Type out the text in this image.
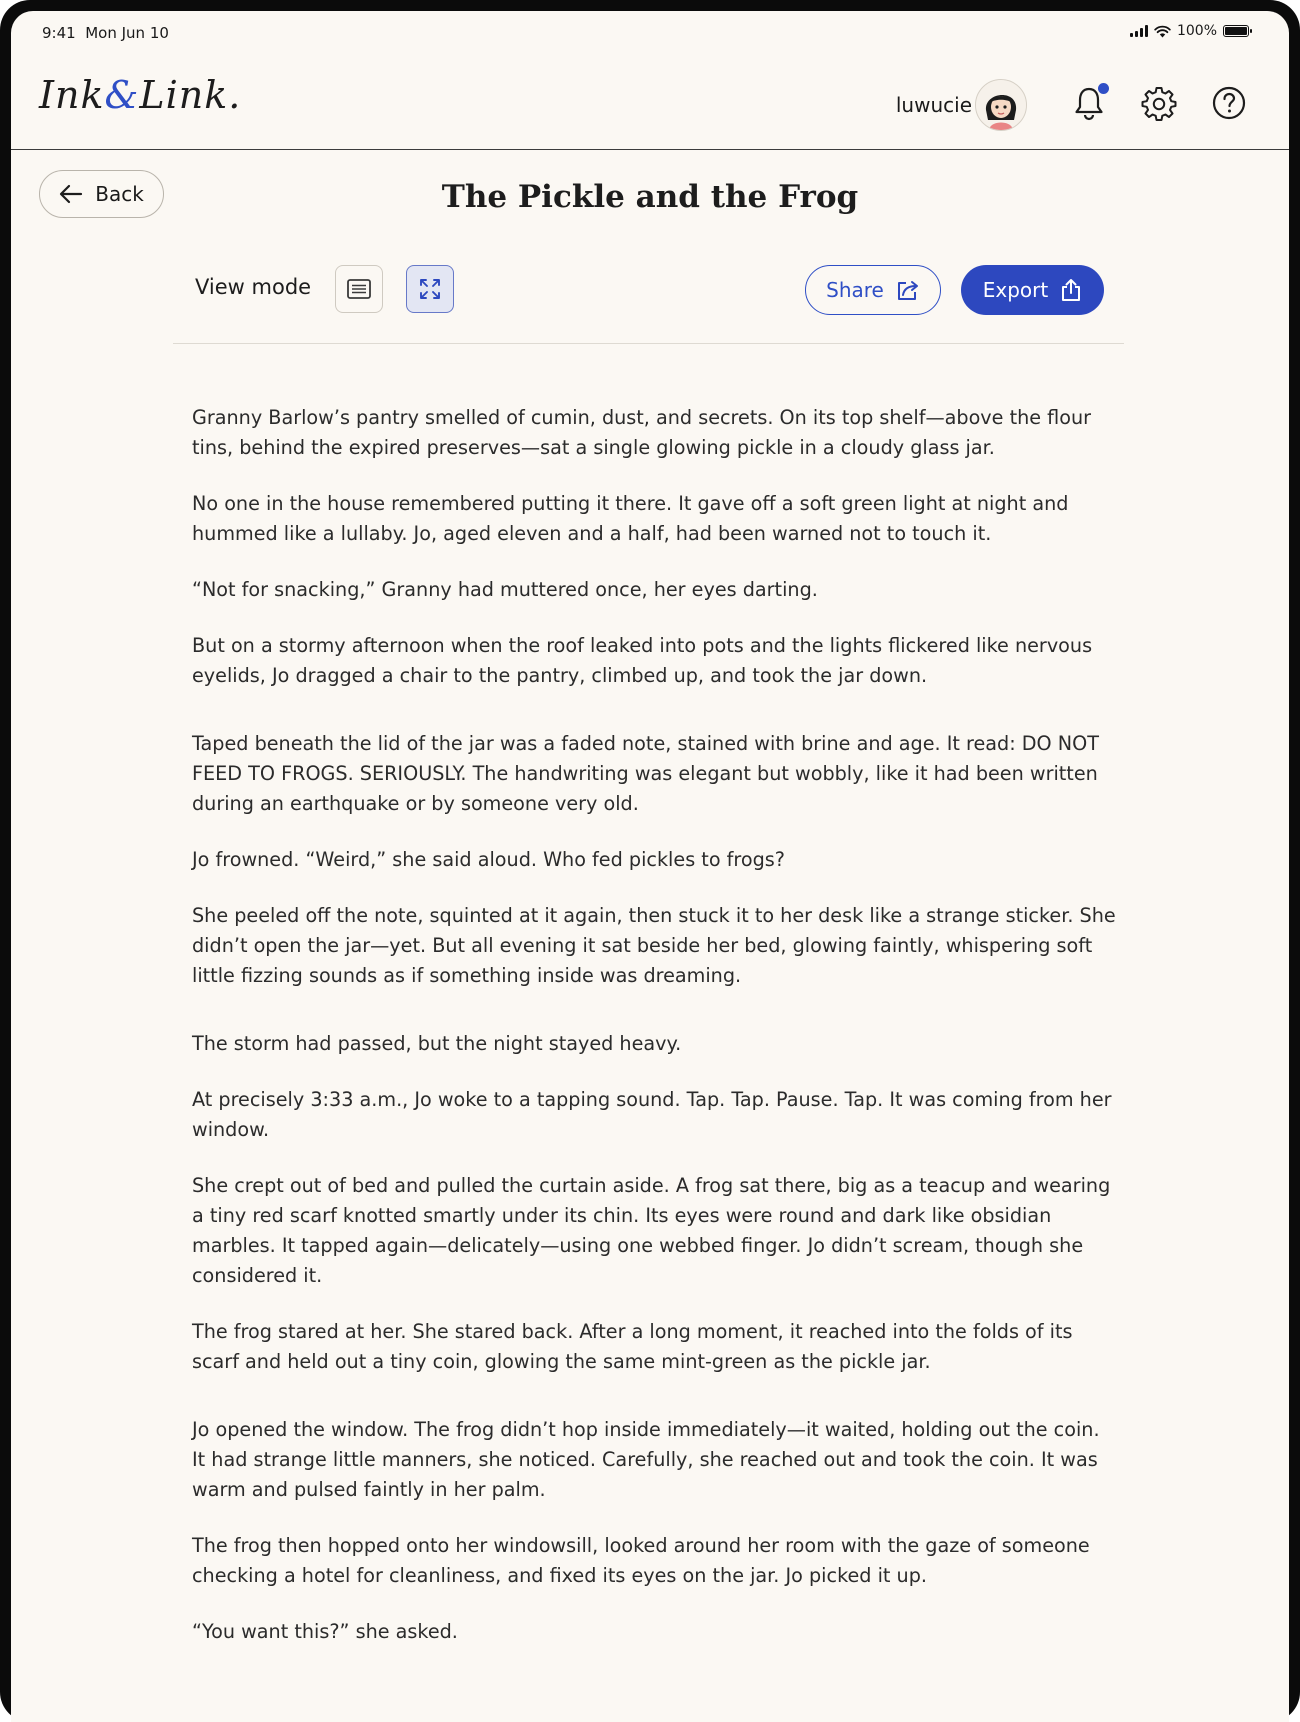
9:41 Mon Jun 10	100%
Ink&Link.	luwucie
Back	The Pickle and the Frog
View mode	Share	Export

Granny Barlow’s pantry smelled of cumin, dust, and secrets. On its top shelf—above the flour tins, behind the expired preserves—sat a single glowing pickle in a cloudy glass jar.

No one in the house remembered putting it there. It gave off a soft green light at night and hummed like a lullaby. Jo, aged eleven and a half, had been warned not to touch it.

“Not for snacking,” Granny had muttered once, her eyes darting.

But on a stormy afternoon when the roof leaked into pots and the lights flickered like nervous eyelids, Jo dragged a chair to the pantry, climbed up, and took the jar down.

Taped beneath the lid of the jar was a faded note, stained with brine and age. It read: DO NOT FEED TO FROGS. SERIOUSLY. The handwriting was elegant but wobbly, like it had been written during an earthquake or by someone very old.

Jo frowned. “Weird,” she said aloud. Who fed pickles to frogs?

She peeled off the note, squinted at it again, then stuck it to her desk like a strange sticker. She didn’t open the jar—yet. But all evening it sat beside her bed, glowing faintly, whispering soft little fizzing sounds as if something inside was dreaming.

The storm had passed, but the night stayed heavy.

At precisely 3:33 a.m., Jo woke to a tapping sound. Tap. Tap. Pause. Tap. It was coming from her window.

She crept out of bed and pulled the curtain aside. A frog sat there, big as a teacup and wearing a tiny red scarf knotted smartly under its chin. Its eyes were round and dark like obsidian marbles. It tapped again—delicately—using one webbed finger. Jo didn’t scream, though she considered it.

The frog stared at her. She stared back. After a long moment, it reached into the folds of its scarf and held out a tiny coin, glowing the same mint-green as the pickle jar.

Jo opened the window. The frog didn’t hop inside immediately—it waited, holding out the coin. It had strange little manners, she noticed. Carefully, she reached out and took the coin. It was warm and pulsed faintly in her palm.

The frog then hopped onto her windowsill, looked around her room with the gaze of someone checking a hotel for cleanliness, and fixed its eyes on the jar. Jo picked it up.

“You want this?” she asked.
